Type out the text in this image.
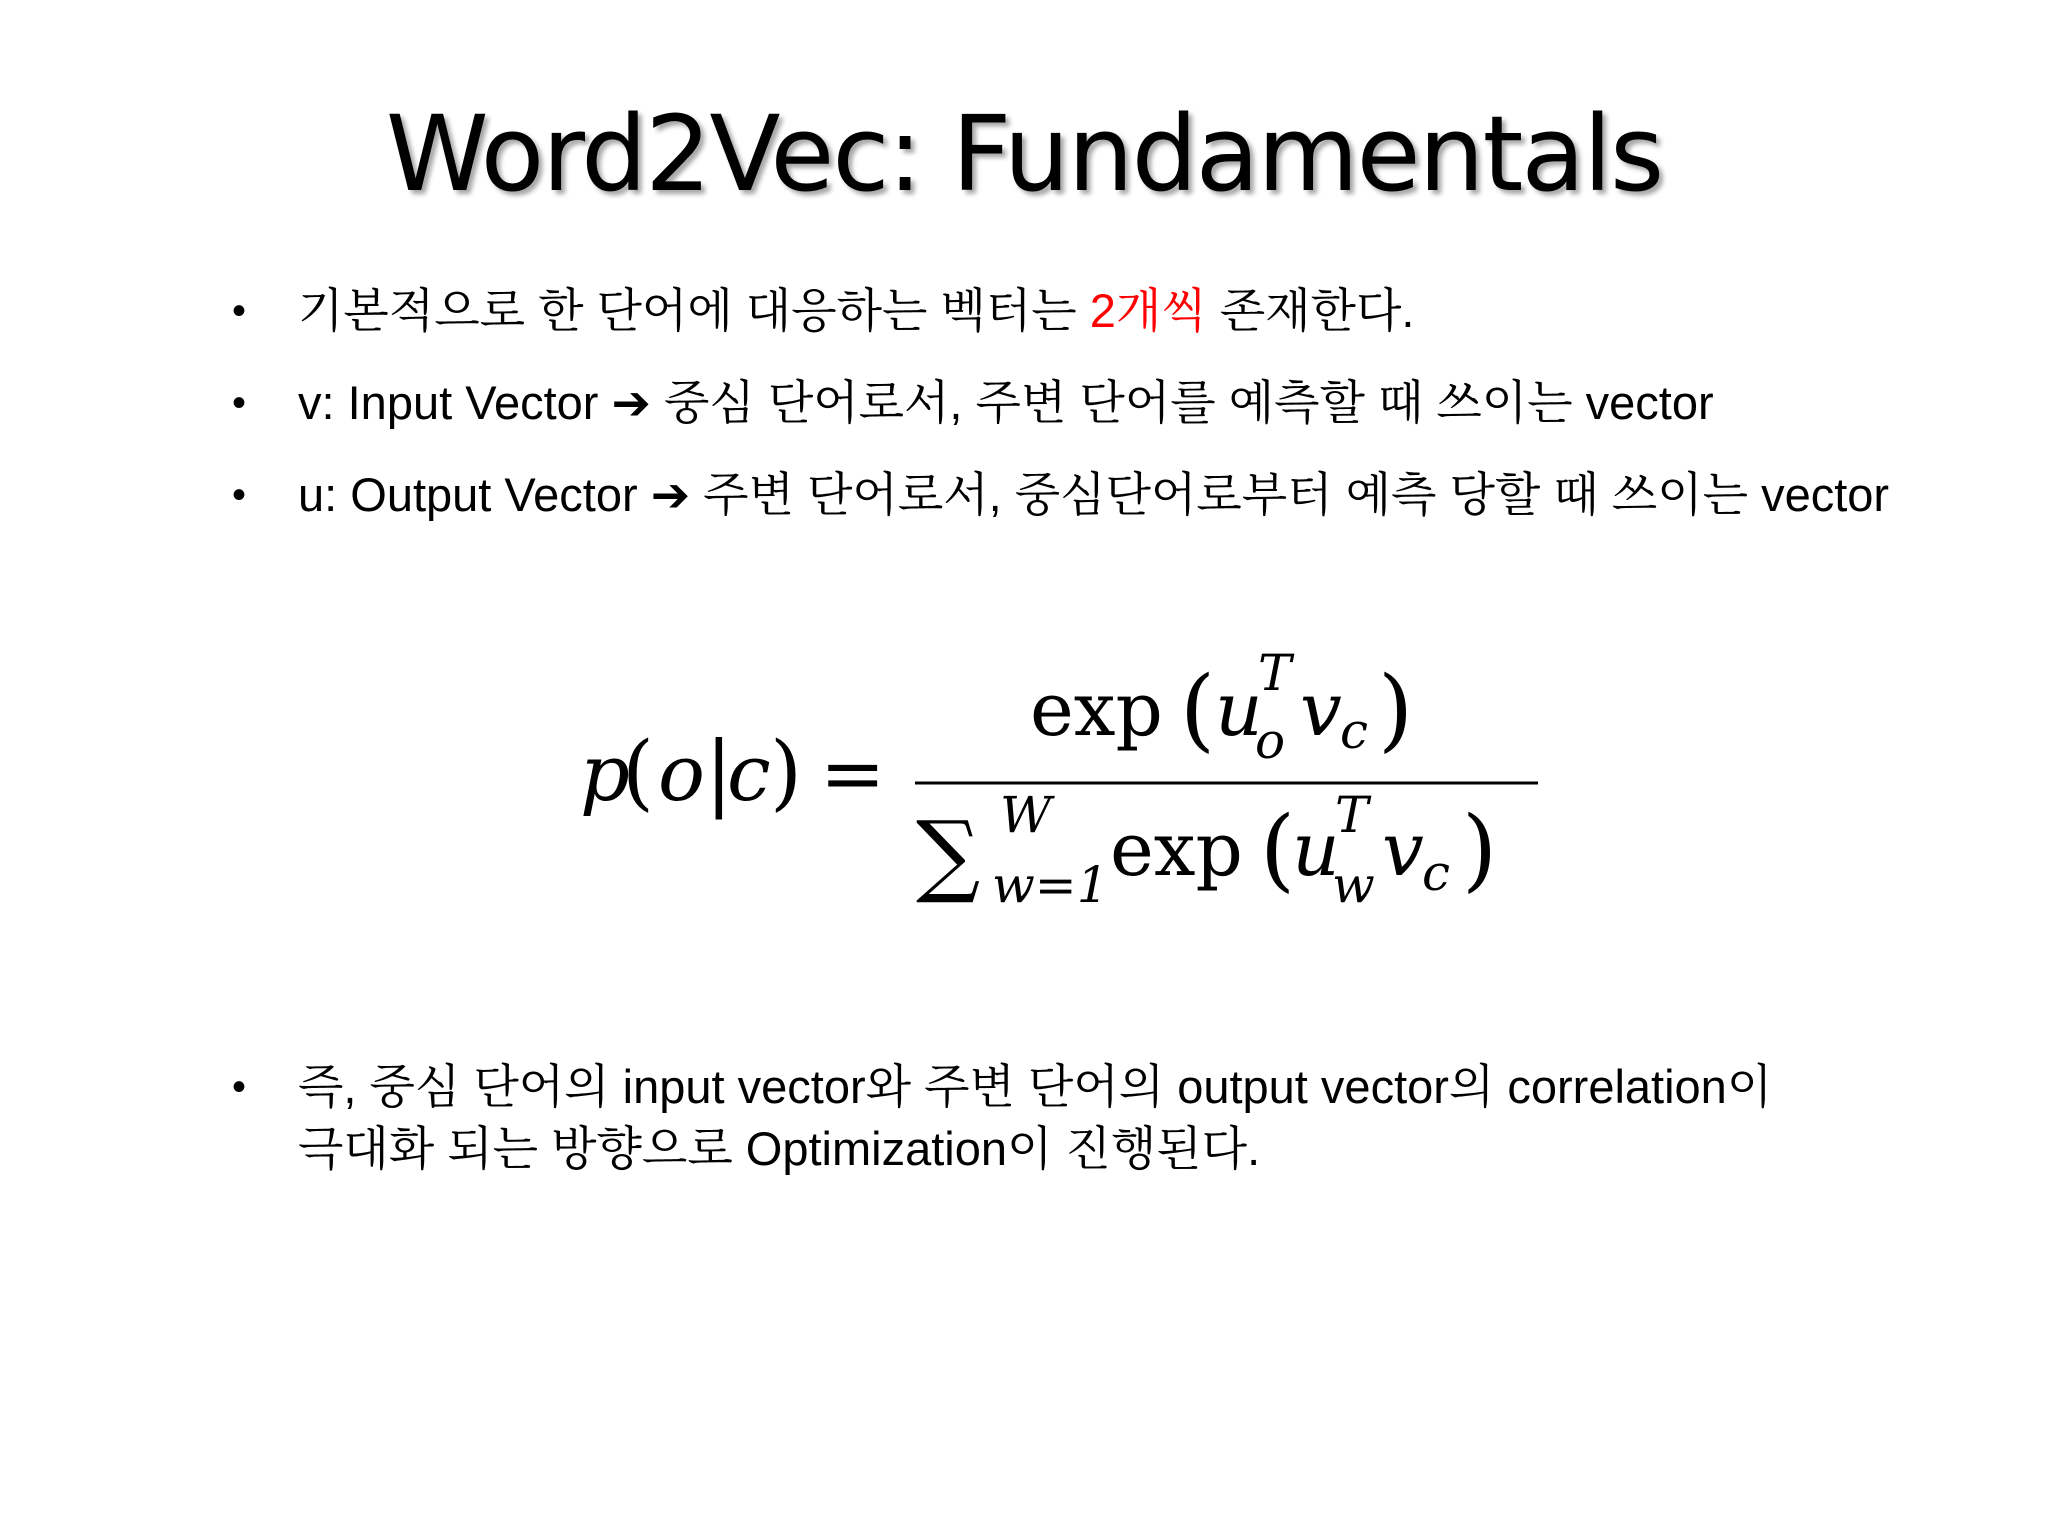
Word2Vec: Fundamentals
•	기본적으로 한 단어에 대응하는 벡터는 2개씩 존재한다.
•	v: Input Vector ➔ 중심 단어로서, 주변 단어를 예측할 때 쓰이는 vector
•	u: Output Vector ➔ 주변 단어로서, 중심단어로부터 예측 당할 때 쓰이는 vector
•	즉, 중심 단어의 input vector와 주변 단어의 output vector의 correlation이
극대화 되는 방향으로 Optimization이 진행된다.
p
( o |
c ) =
exp ( u
T
o v
c )
∑ W
w=1 exp (
u
T
w v
c )
